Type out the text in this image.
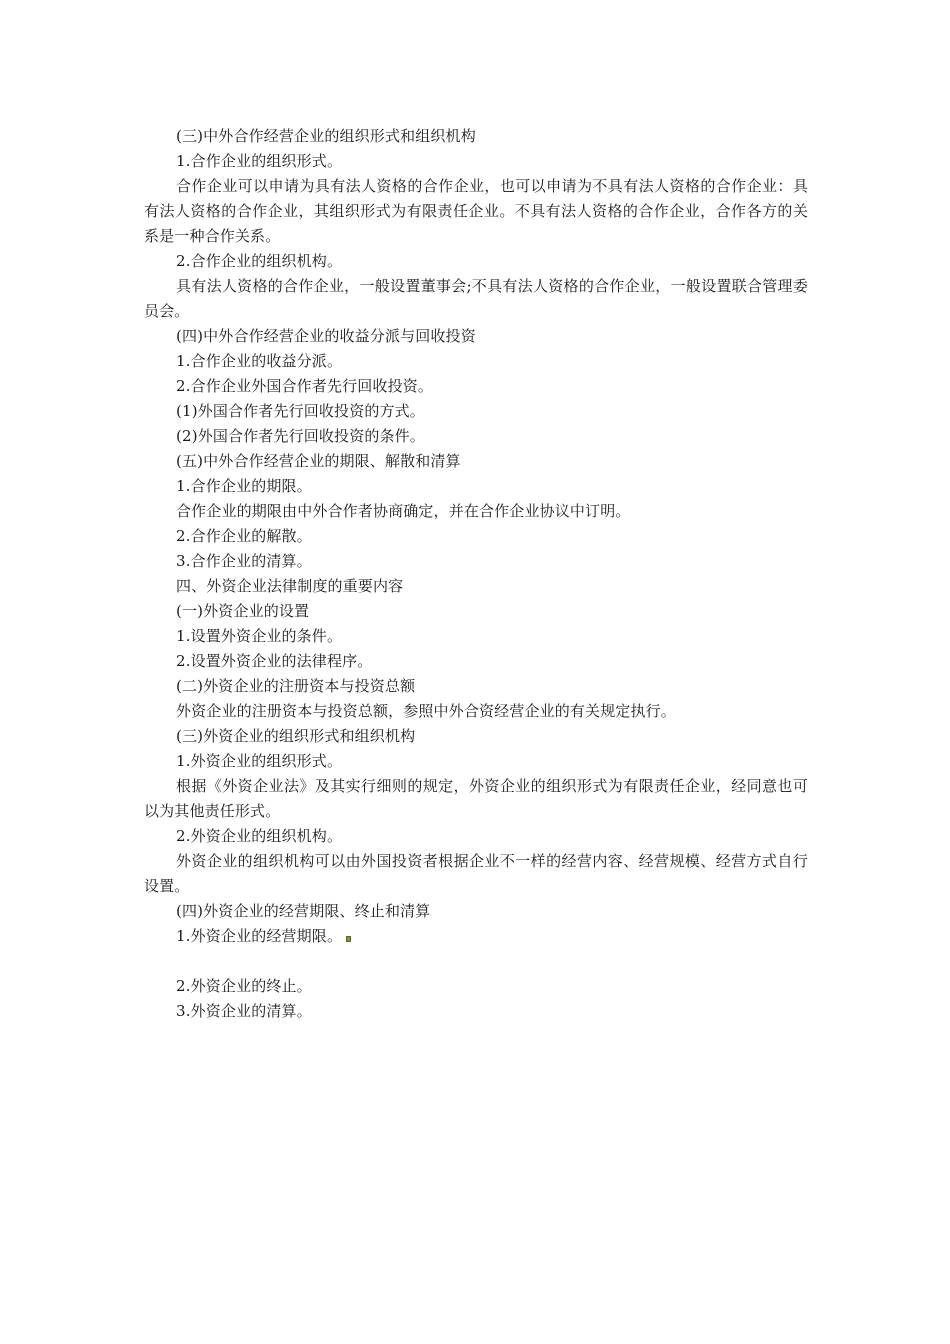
(三)中外合作经营企业的组织形式和组织机构

1.合作企业的组织形式。

合作企业可以申请为具有法人资格的合作企业，也可以申请为不具有法人资格的合作企业：具有法人资格的合作企业，其组织形式为有限责任企业。不具有法人资格的合作企业，合作各方的关系是一种合作关系。

2.合作企业的组织机构。

具有法人资格的合作企业，一般设置董事会;不具有法人资格的合作企业，一般设置联合管理委员会。

(四)中外合作经营企业的收益分派与回收投资

1.合作企业的收益分派。

2.合作企业外国合作者先行回收投资。

(1)外国合作者先行回收投资的方式。

(2)外国合作者先行回收投资的条件。

(五)中外合作经营企业的期限、解散和清算

1.合作企业的期限。

合作企业的期限由中外合作者协商确定，并在合作企业协议中订明。

2.合作企业的解散。

3.合作企业的清算。

四、外资企业法律制度的重要内容

(一)外资企业的设置

1.设置外资企业的条件。

2.设置外资企业的法律程序。

(二)外资企业的注册资本与投资总额

外资企业的注册资本与投资总额，参照中外合资经营企业的有关规定执行。

(三)外资企业的组织形式和组织机构

1.外资企业的组织形式。

根据《外资企业法》及其实行细则的规定，外资企业的组织形式为有限责任企业，经同意也可以为其他责任形式。

2.外资企业的组织机构。

外资企业的组织机构可以由外国投资者根据企业不一样的经营内容、经营规模、经营方式自行设置。

(四)外资企业的经营期限、终止和清算

1.外资企业的经营期限。

2.外资企业的终止。

3.外资企业的清算。
